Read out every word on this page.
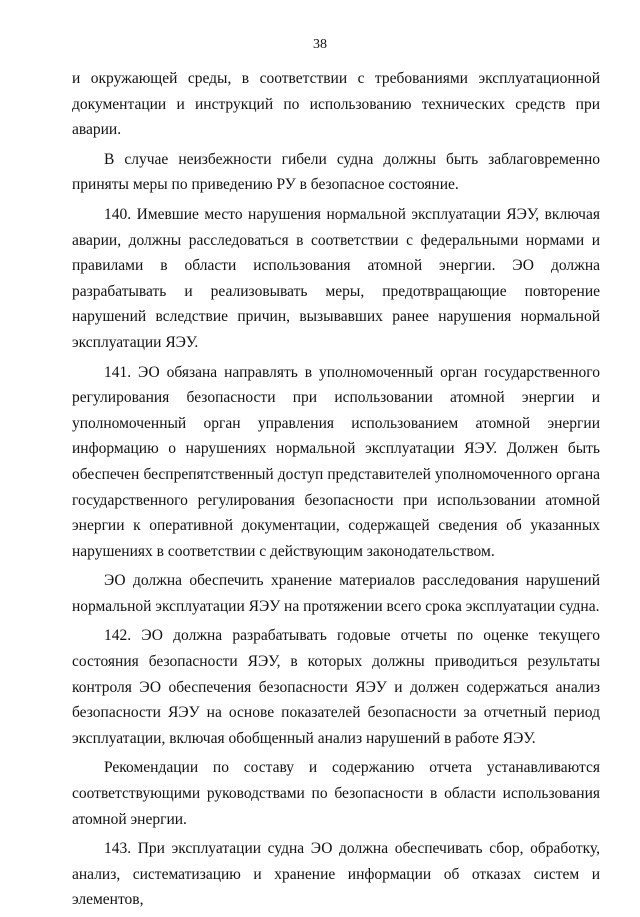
38

и окружающей среды, в соответствии с требованиями эксплуатационной документации и инструкций по использованию технических средств при аварии.

В случае неизбежности гибели судна должны быть заблаговременно приняты меры по приведению РУ в безопасное состояние.

140. Имевшие место нарушения нормальной эксплуатации ЯЭУ, включая аварии, должны расследоваться в соответствии с федеральными нормами и правилами в области использования атомной энергии. ЭО должна разрабатывать и реализовывать меры, предотвращающие повторение нарушений вследствие причин, вызывавших ранее нарушения нормальной эксплуатации ЯЭУ.

141. ЭО обязана направлять в уполномоченный орган государственного регулирования безопасности при использовании атомной энергии и уполномоченный орган управления использованием атомной энергии информацию о нарушениях нормальной эксплуатации ЯЭУ. Должен быть обеспечен беспрепятственный доступ представителей уполномоченного органа государственного регулирования безопасности при использовании атомной энергии к оперативной документации, содержащей сведения об указанных нарушениях в соответствии с действующим законодательством.

ЭО должна обеспечить хранение материалов расследования нарушений нормальной эксплуатации ЯЭУ на протяжении всего срока эксплуатации судна.

142. ЭО должна разрабатывать годовые отчеты по оценке текущего состояния безопасности ЯЭУ, в которых должны приводиться результаты контроля ЭО обеспечения безопасности ЯЭУ и должен содержаться анализ безопасности ЯЭУ на основе показателей безопасности за отчетный период эксплуатации, включая обобщенный анализ нарушений в работе ЯЭУ.

Рекомендации по составу и содержанию отчета устанавливаются соответствующими руководствами по безопасности в области использования атомной энергии.

143. При эксплуатации судна ЭО должна обеспечивать сбор, обработку, анализ, систематизацию и хранение информации об отказах систем и элементов,
